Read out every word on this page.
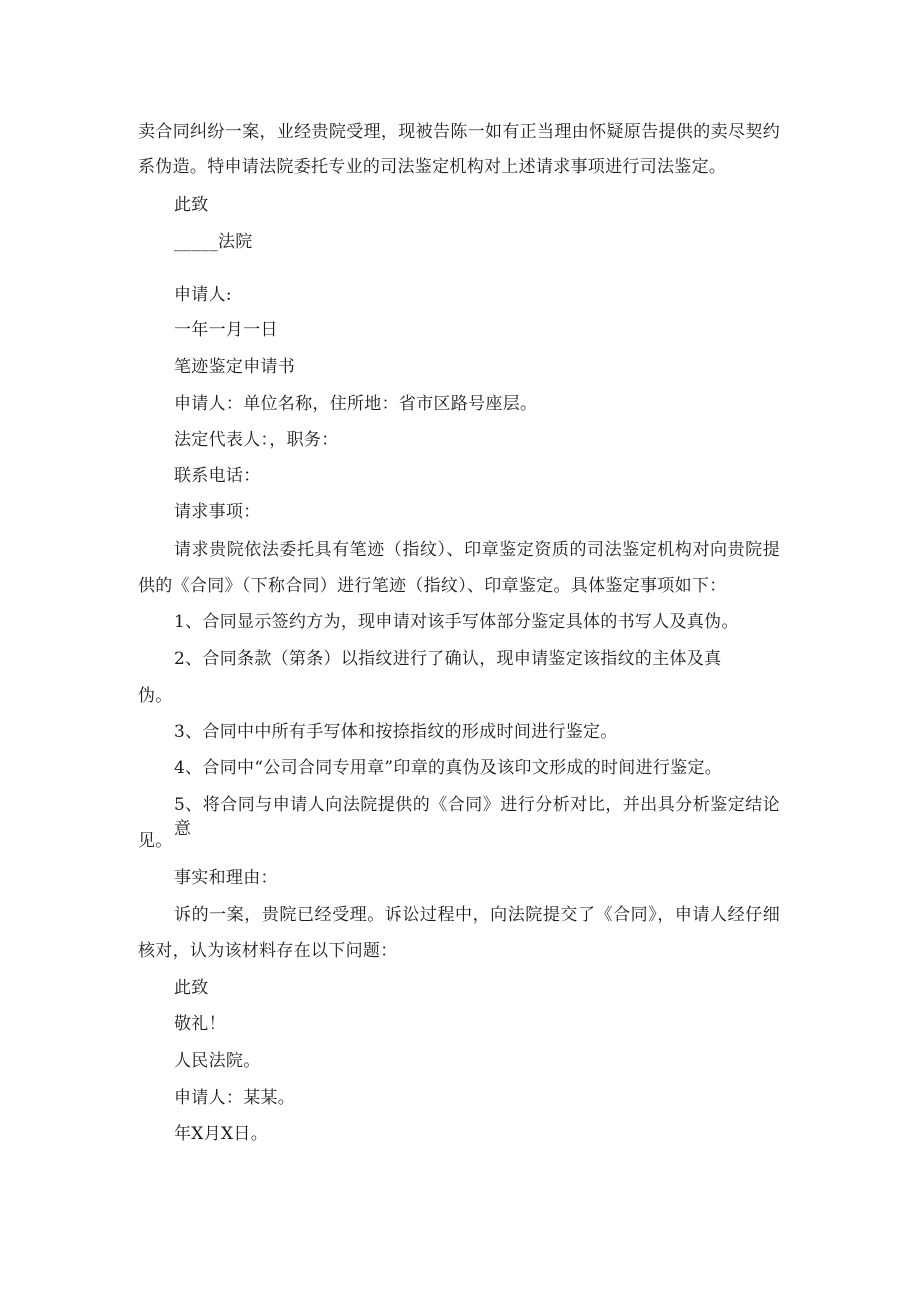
卖合同纠纷一案，业经贵院受理，现被告陈一如有正当理由怀疑原告提供的卖尽契约
系伪造。特申请法院委托专业的司法鉴定机构对上述请求事项进行司法鉴定。
此致
_____法院
申请人:
一年一月一日
笔迹鉴定申请书
申请人：单位名称，住所地：省市区路号座层。
法定代表人：，职务：
联系电话：
请求事项：
请求贵院依法委托具有笔迹（指纹）、印章鉴定资质的司法鉴定机构对向贵院提
供的《合同》（下称合同）进行笔迹（指纹）、印章鉴定。具体鉴定事项如下：
1、合同显示签约方为，现申请对该手写体部分鉴定具体的书写人及真伪。
2、合同条款（第条）以指纹进行了确认，现申请鉴定该指纹的主体及真
伪。
3、合同中中所有手写体和按捺指纹的形成时间进行鉴定。
4、合同中“公司合同专用章”印章的真伪及该印文形成的时间进行鉴定。
5、将合同与申请人向法院提供的《合同》进行分析对比，并出具分析鉴定结论意
见。
事实和理由：
诉的一案，贵院已经受理。诉讼过程中，向法院提交了《合同》，申请人经仔细
核对，认为该材料存在以下问题：
此致
敬礼！
人民法院。
申请人：某某。
年X月X日。
